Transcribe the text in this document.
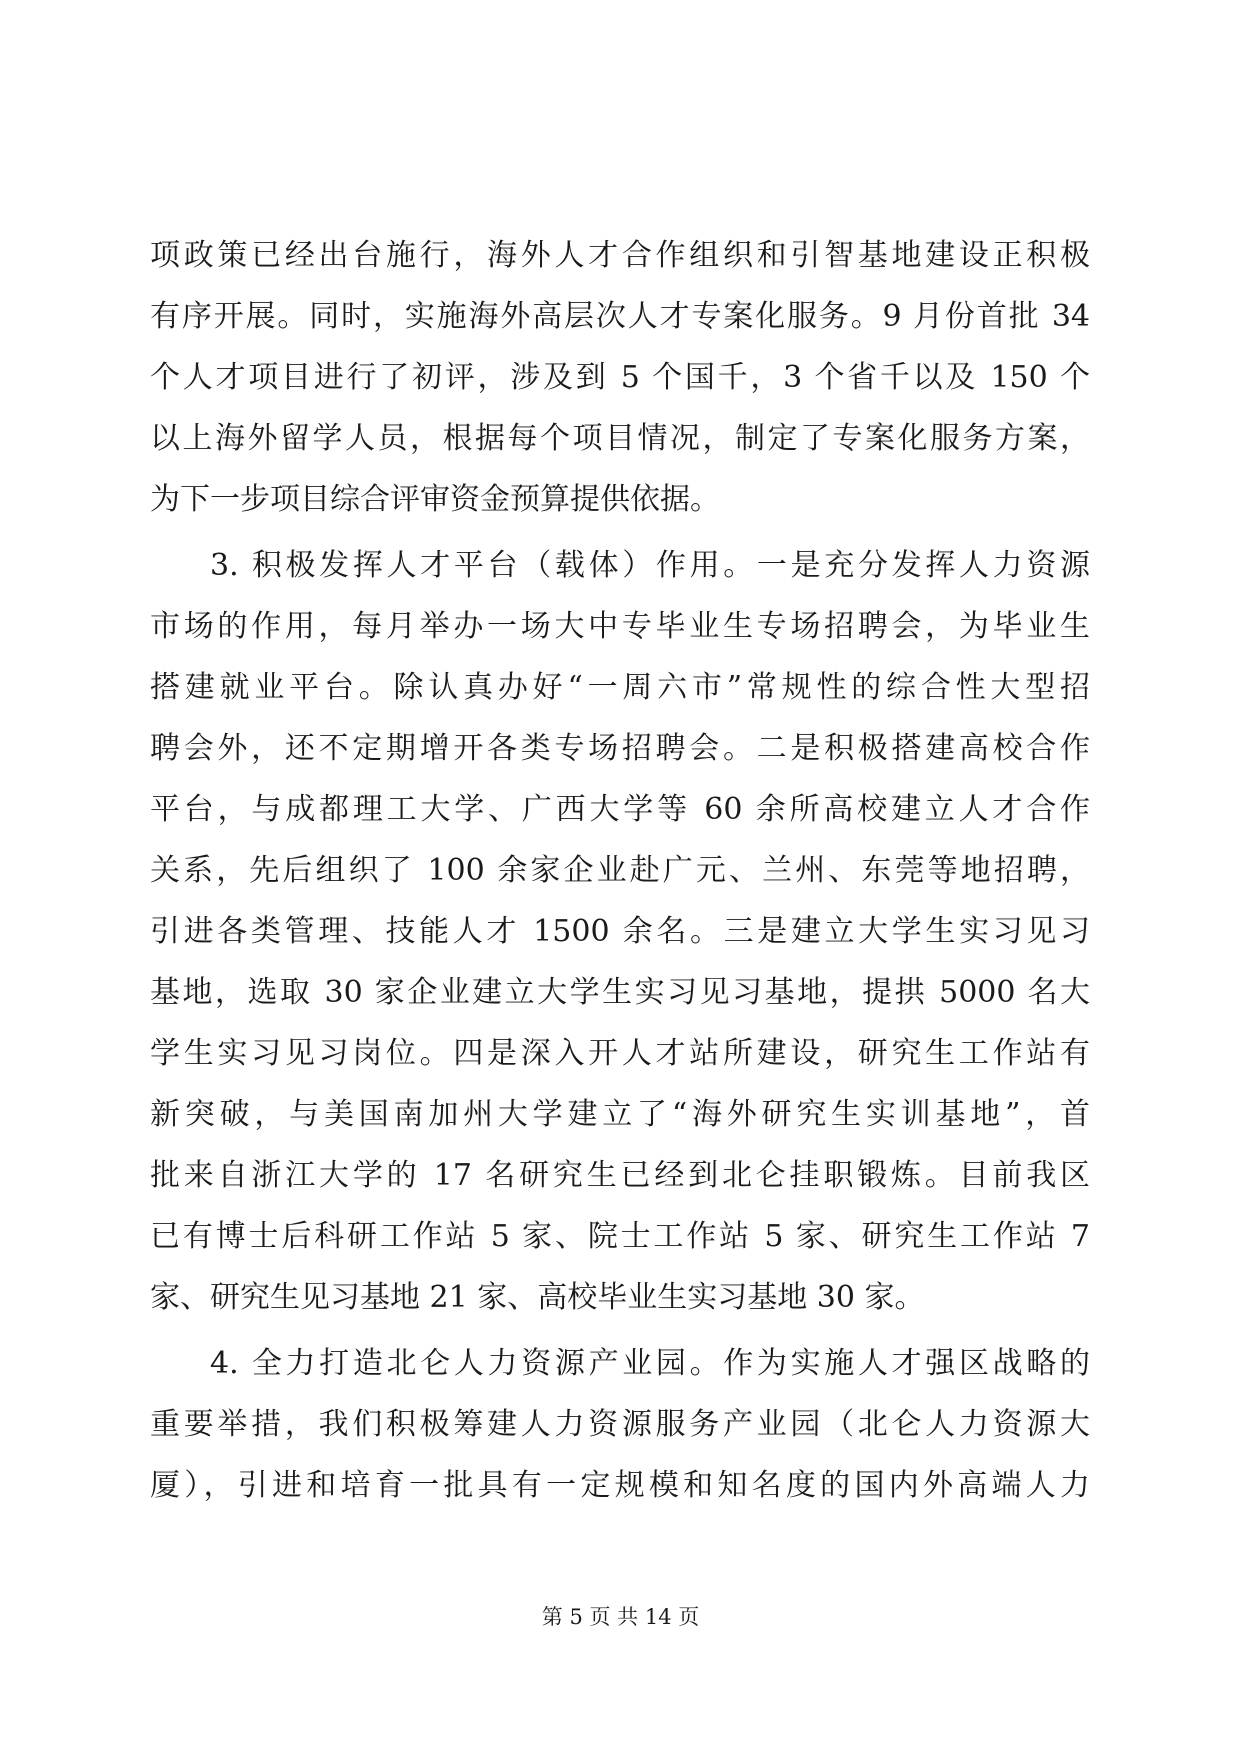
项政策已经出台施行，海外人才合作组织和引智基地建设正积极
有序开展。同时，实施海外高层次人才专案化服务。9 月份首批 34
个人才项目进行了初评，涉及到 5 个国千，3 个省千以及 150 个
以上海外留学人员，根据每个项目情况，制定了专案化服务方案，
为下一步项目综合评审资金预算提供依据。
3. 积极发挥人才平台（载体）作用。一是充分发挥人力资源
市场的作用，每月举办一场大中专毕业生专场招聘会，为毕业生
搭建就业平台。除认真办好“一周六市”常规性的综合性大型招
聘会外，还不定期增开各类专场招聘会。二是积极搭建高校合作
平台，与成都理工大学、广西大学等 60 余所高校建立人才合作
关系，先后组织了 100 余家企业赴广元、兰州、东莞等地招聘，
引进各类管理、技能人才 1500 余名。三是建立大学生实习见习
基地，选取 30 家企业建立大学生实习见习基地，提拱 5000 名大
学生实习见习岗位。四是深入开人才站所建设，研究生工作站有
新突破，与美国南加州大学建立了“海外研究生实训基地”，首
批来自浙江大学的 17 名研究生已经到北仑挂职锻炼。目前我区
已有博士后科研工作站 5 家、院士工作站 5 家、研究生工作站 7
家、研究生见习基地 21 家、高校毕业生实习基地 30 家。
4. 全力打造北仑人力资源产业园。作为实施人才强区战略的
重要举措，我们积极筹建人力资源服务产业园（北仑人力资源大
厦），引进和培育一批具有一定规模和知名度的国内外高端人力
第 5 页 共 14 页
